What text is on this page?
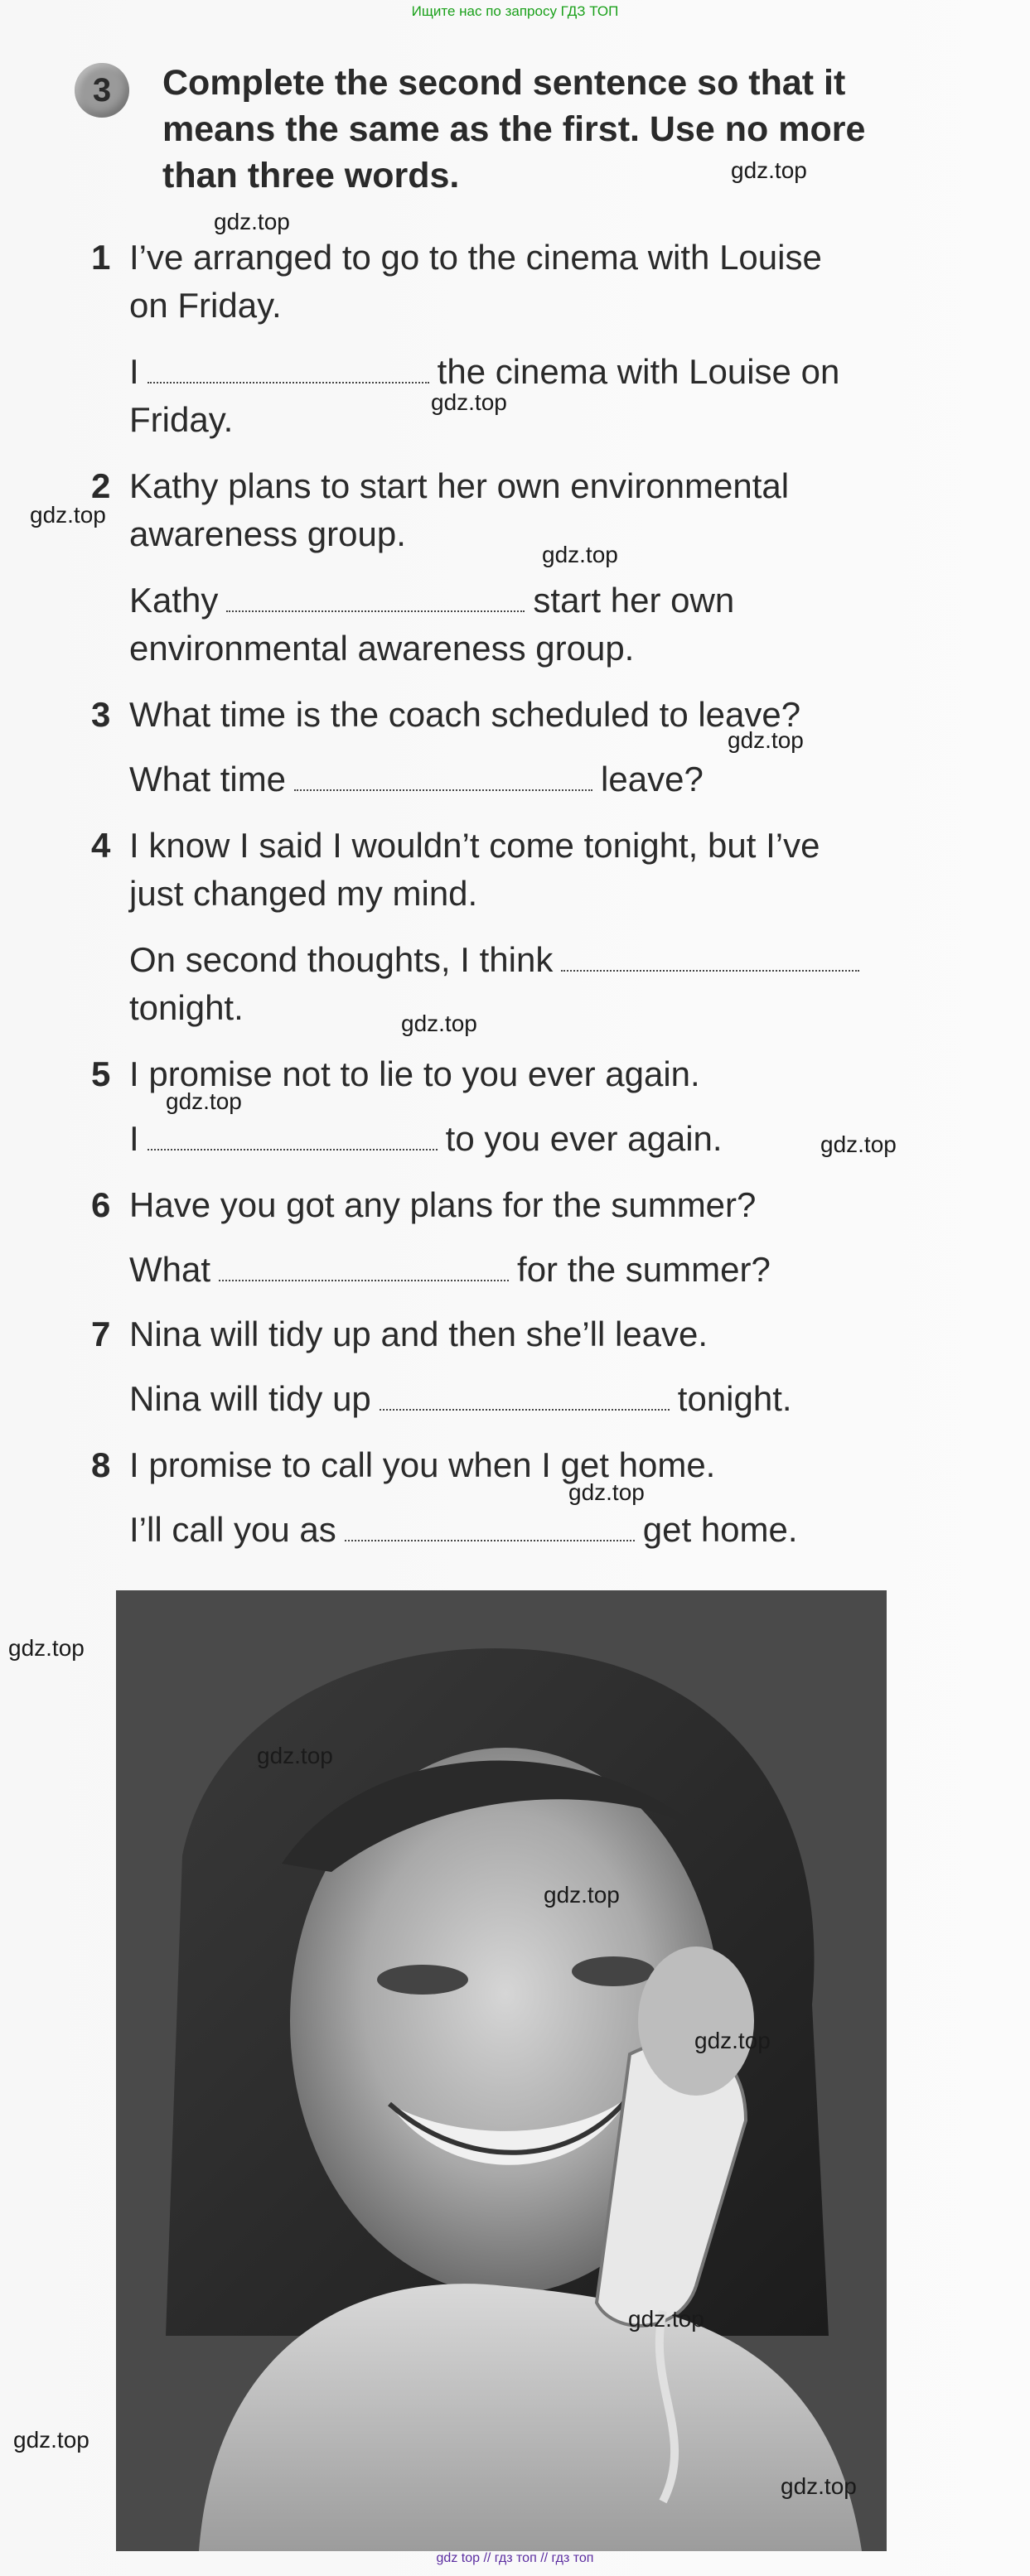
Ищите нас по запросу ГДЗ ТОП
3 Complete the second sentence so that it means the same as the first. Use no more than three words.
1 I’ve arranged to go to the cinema with Louise
on Friday.
I	the cinema with Louise on
Friday.
2 Kathy plans to start her own environmental
awareness group.
Kathy	start her own
environmental awareness group.
3 What time is the coach scheduled to leave?
What time	leave?
4 I know I said I wouldn’t come tonight, but I’ve
just changed my mind.
On second thoughts, I think
tonight.
5 I promise not to lie to you ever again.
I	to you ever again.
6 Have you got any plans for the summer?
What	for the summer?
7 Nina will tidy up and then she’ll leave.
Nina will tidy up	tonight.
8 I promise to call you when I get home.
I’ll call you as	get home.
gdz.top
gdz.top
gdz.top
gdz.top
gdz.top
gdz.top
gdz.top
gdz.top
gdz.top
gdz.top
gdz.top
gdz.top
gdz.top
gdz.top
gdz.top
gdz.top
gdz.top
gdz top // гдз топ // гдз топ
